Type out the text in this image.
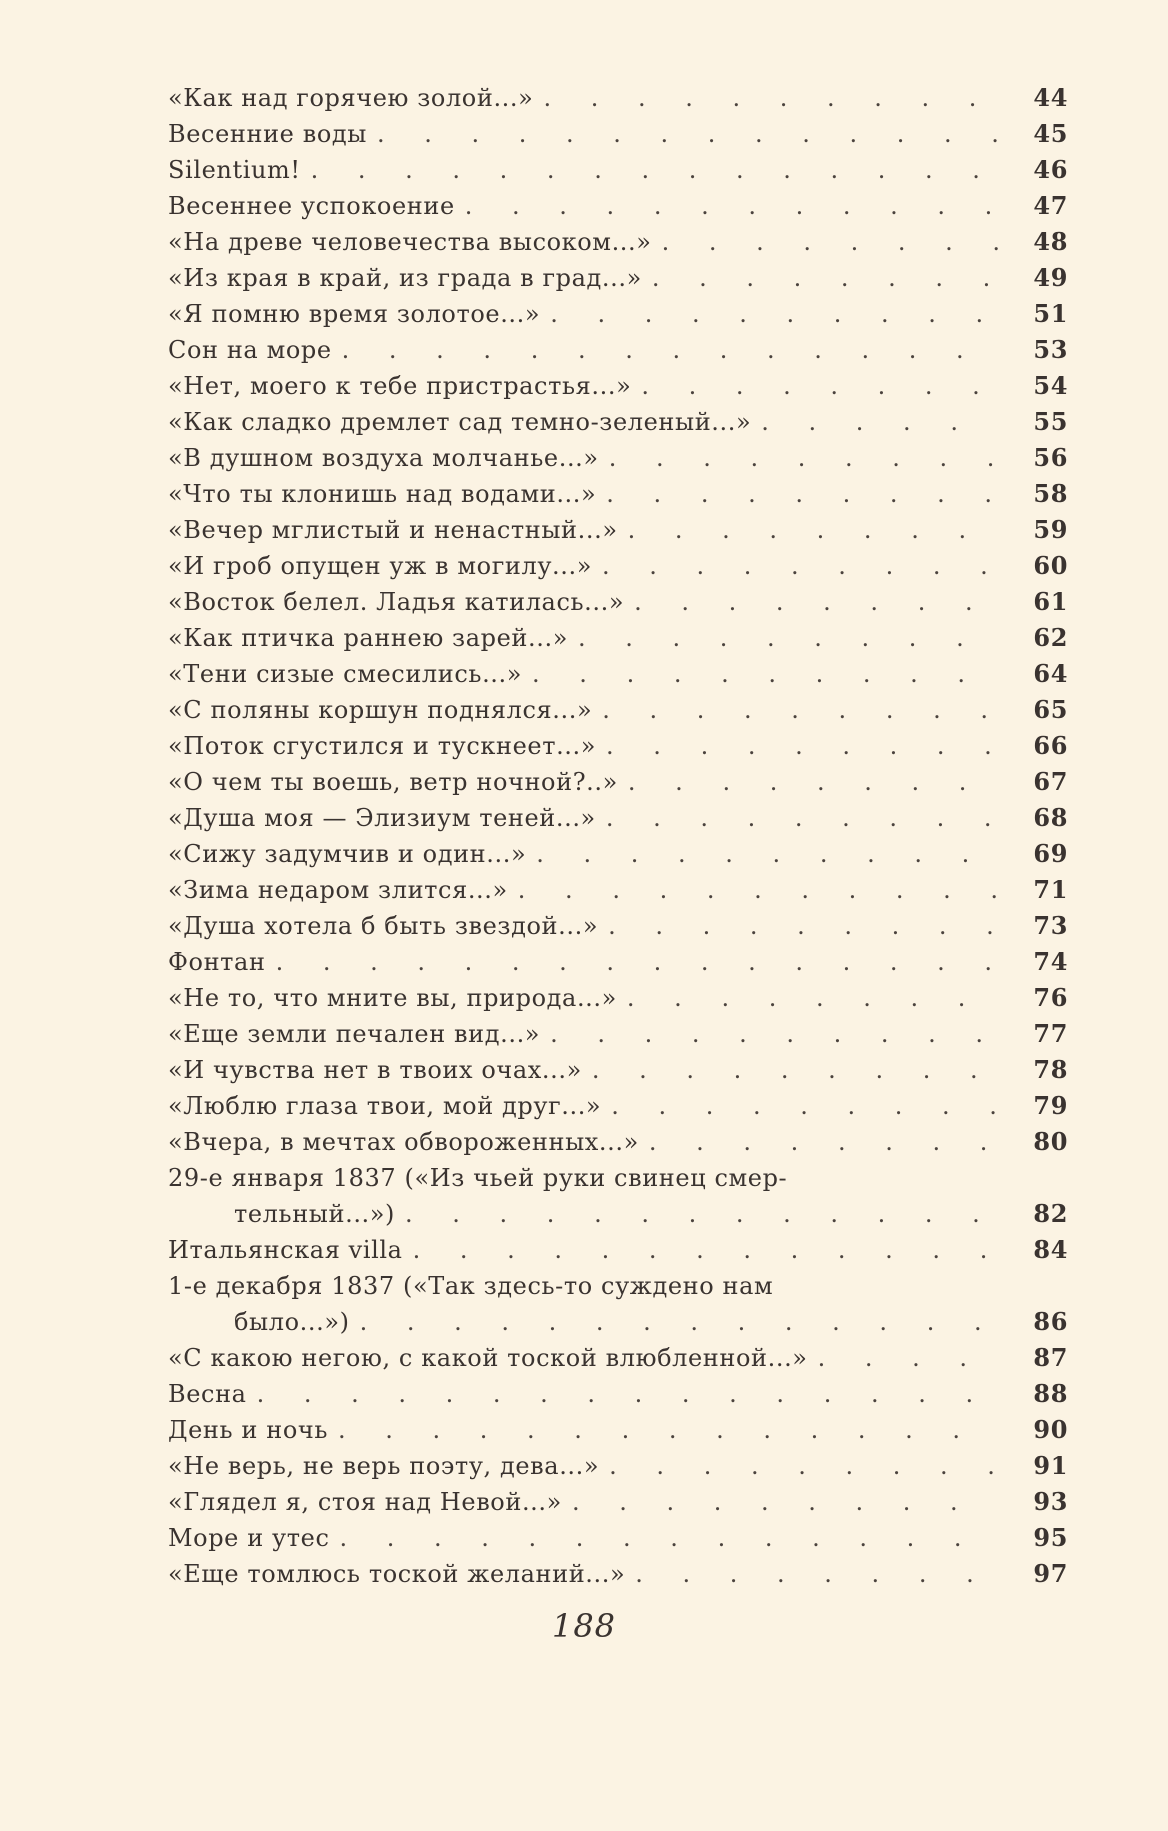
«Как над горячею золой...» . . .	44
Весенние воды . . .	45
Silentium! . . .	46
Весеннее успокоение . . .	47
«На древе человечества высоком...» . . .	48
«Из края в край, из града в град...» . . .	49
«Я помню время золотое...» . . .	51
Сон на море . . .	53
«Нет, моего к тебе пристрастья...» . . .	54
«Как сладко дремлет сад темно-зеленый...» . . .	55
«В душном воздуха молчанье...» . . .	56
«Что ты клонишь над водами...» . . .	58
«Вечер мглистый и ненастный...» . . .	59
«И гроб опущен уж в могилу...» . . .	60
«Восток белел. Ладья катилась...» . . .	61
«Как птичка раннею зарей...» . . .	62
«Тени сизые смесились...» . . .	64
«С поляны коршун поднялся...» . . .	65
«Поток сгустился и тускнеет...» . . .	66
«О чем ты воешь, ветр ночной?..» . . .	67
«Душа моя — Элизиум теней...» . . .	68
«Сижу задумчив и один...» . . .	69
«Зима недаром злится...» . . .	71
«Душа хотела б быть звездой...» . . .	73
Фонтан . . .	74
«Не то, что мните вы, природа...» . . .	76
«Еще земли печален вид...» . . .	77
«И чувства нет в твоих очах...» . . .	78
«Люблю глаза твои, мой друг...» . . .	79
«Вчера, в мечтах обвороженных...» . . .	80
29-е января 1837 («Из чьей руки свинец смер-
тельный...») . . .	82
Итальянская villa . . .	84
1-е декабря 1837 («Так здесь-то суждено нам
было...») . . .	86
«С какою негою, с какой тоской влюбленной...» . . .	87
Весна . . .	88
День и ночь . . .	90
«Не верь, не верь поэту, дева...» . . .	91
«Глядел я, стоя над Невой...» . . .	93
Море и утес . . .	95
«Еще томлюсь тоской желаний...» . . .	97
188
